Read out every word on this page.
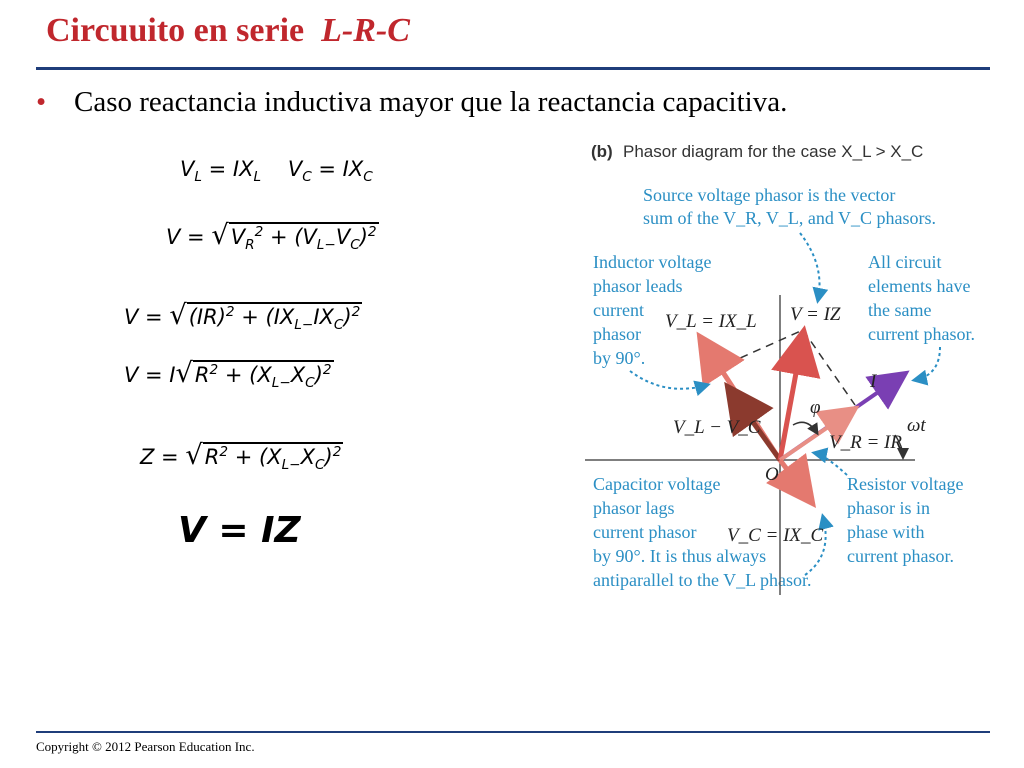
Circuuito en serie L-R-C
• Caso reactancia inductiva mayor que la reactancia capacitiva.
$V_L = IX_L$    $V_C = IX_C$
$V = √V_R^2 + (V_{L-}V_C)^2$
$V = √(IR)^2 + (IX_{L-}IX_C)^2$
$V = I√R^2 + (X_{L-}X_C)^2$
$Z = √R^2 + (X_{L-}X_C)^2$
V = IZ
(b) Phasor diagram for the case X_L > X_C
Source voltage phasor is the vector
sum of the V_R, V_L, and V_C phasors.
Inductor voltage
phasor leads
current
phasor
by 90°.
All circuit
elements have
the same
current phasor.
Capacitor voltage
phasor lags
current phasor
by 90°. It is thus always
antiparallel to the V_L phasor.
Resistor voltage
phasor is in
phase with
current phasor.
V_L = IX_L V = IZ
I
φ
ωt
V_L − V_C
V_R = IR
O
V_C = IX_C
Copyright © 2012 Pearson Education Inc.
